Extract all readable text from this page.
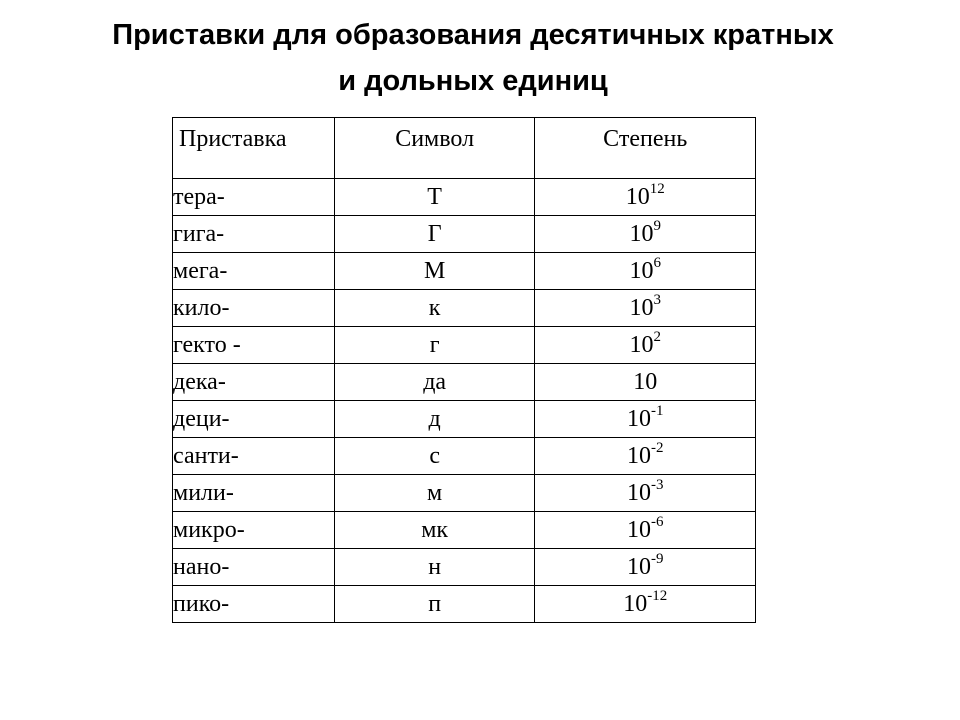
Приставки для образования десятичных кратных
и дольных единиц
Приставка	Символ	Степень
тера-	Т	$10^{12}$
гига-	Г	$10^9$
мега-	М	$10^6$
кило-	к	$10^3$
гекто -	г	$10^2$
дека-	да	10
деци-	д	$10^{-1}$
санти-	с	$10^{-2}$
мили-	м	$10^{-3}$
микро-	мк	$10^{-6}$
нано-	н	$10^{-9}$
пико-	п	$10^{-12}$
